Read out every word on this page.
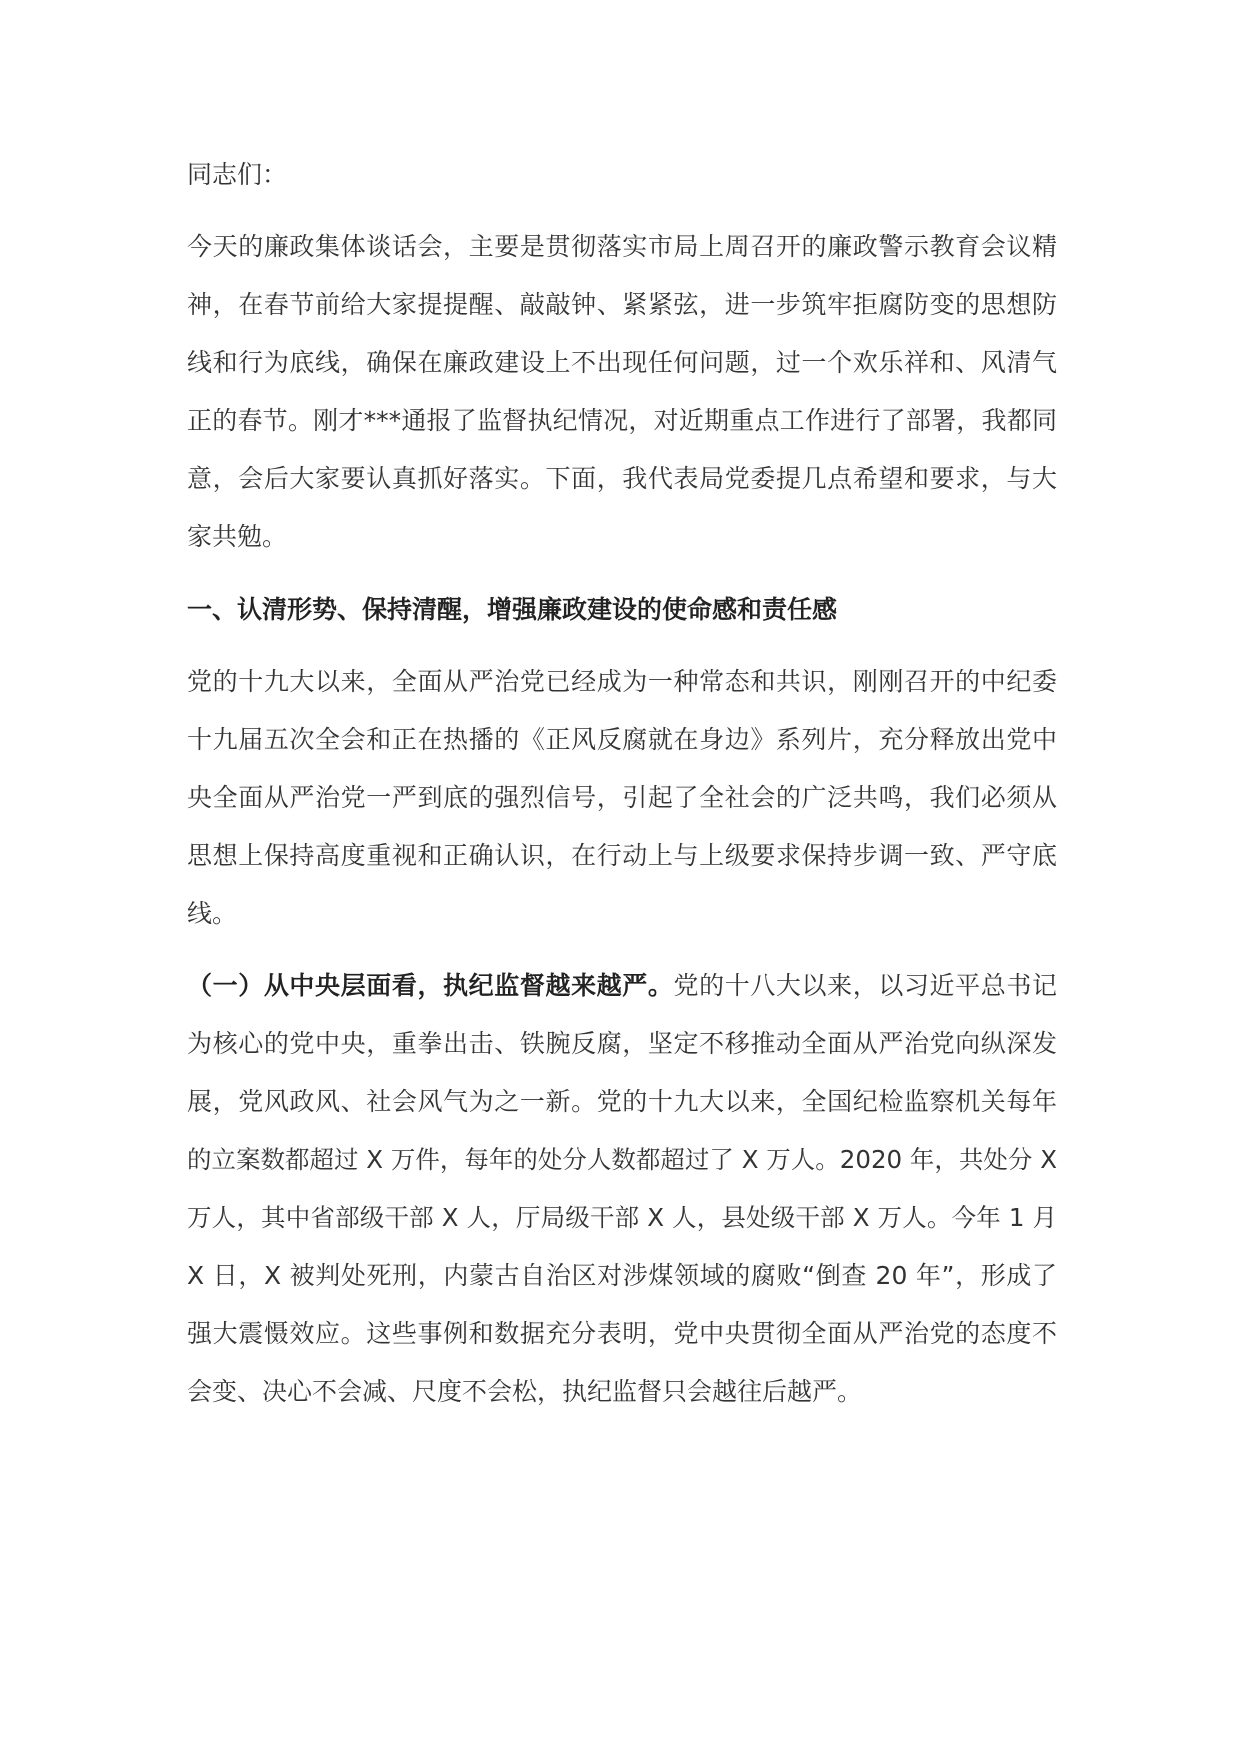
同志们：
今天的廉政集体谈话会，主要是贯彻落实市局上周召开的廉政警示教育会议精
神，在春节前给大家提提醒、敲敲钟、紧紧弦，进一步筑牢拒腐防变的思想防
线和行为底线，确保在廉政建设上不出现任何问题，过一个欢乐祥和、风清气
正的春节。刚才***通报了监督执纪情况，对近期重点工作进行了部署，我都同
意，会后大家要认真抓好落实。下面，我代表局党委提几点希望和要求，与大
家共勉。
一、认清形势、保持清醒，增强廉政建设的使命感和责任感
党的十九大以来，全面从严治党已经成为一种常态和共识，刚刚召开的中纪委
十九届五次全会和正在热播的《正风反腐就在身边》系列片，充分释放出党中
央全面从严治党一严到底的强烈信号，引起了全社会的广泛共鸣，我们必须从
思想上保持高度重视和正确认识，在行动上与上级要求保持步调一致、严守底
线。
（一）从中央层面看，执纪监督越来越严。党的十八大以来，以习近平总书记
为核心的党中央，重拳出击、铁腕反腐，坚定不移推动全面从严治党向纵深发
展，党风政风、社会风气为之一新。党的十九大以来，全国纪检监察机关每年
的立案数都超过 X 万件，每年的处分人数都超过了 X 万人。2020 年，共处分 X
万人，其中省部级干部 X 人，厅局级干部 X 人，县处级干部 X 万人。今年 1 月
X 日，X 被判处死刑，内蒙古自治区对涉煤领域的腐败“倒查 20 年”，形成了
强大震慑效应。这些事例和数据充分表明，党中央贯彻全面从严治党的态度不
会变、决心不会减、尺度不会松，执纪监督只会越往后越严。
